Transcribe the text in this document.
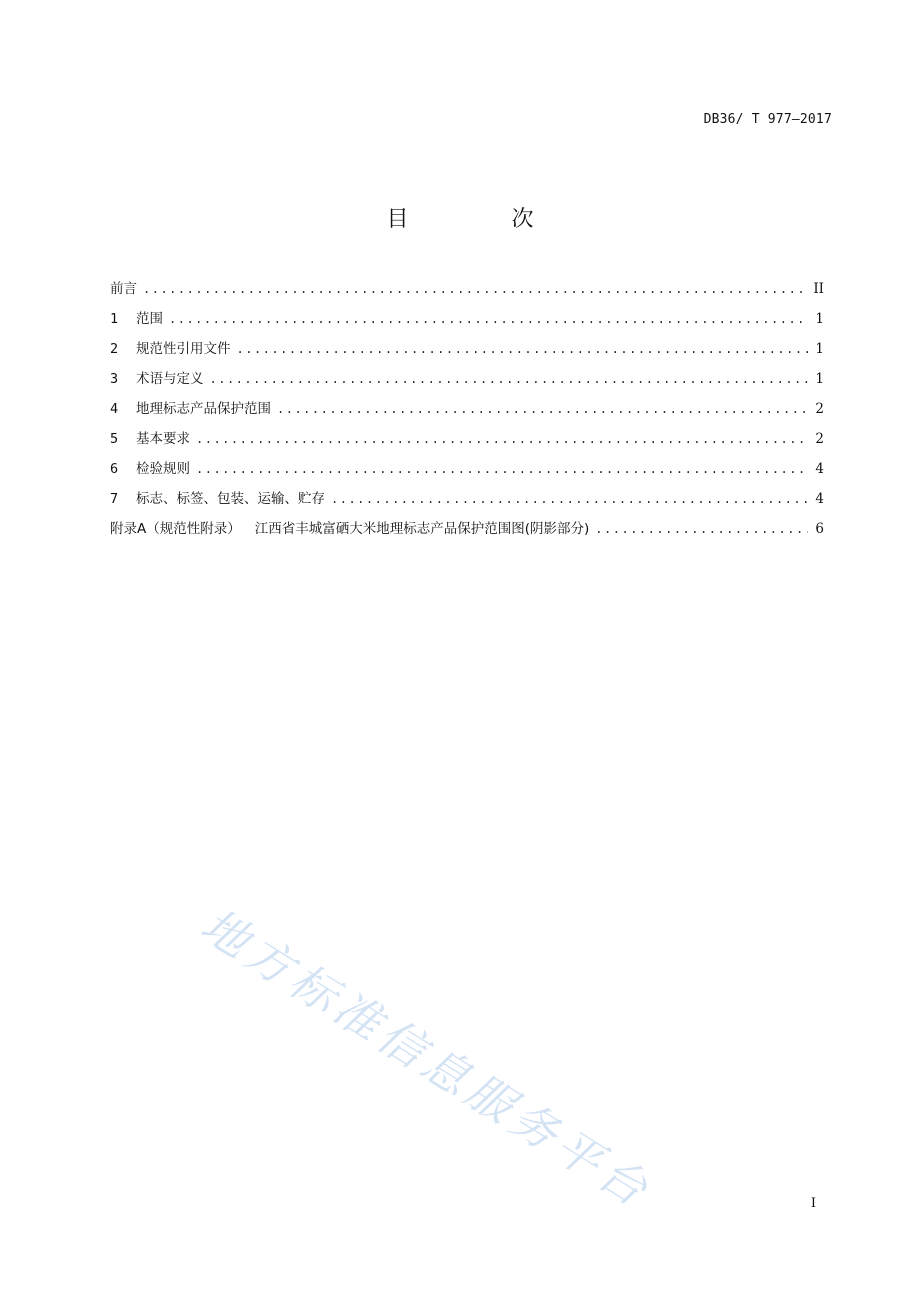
DB36/ T 977—2017
目 次
前言 .....	II
1	范围 .....	1
2	规范性引用文件 .....	1
3	术语与定义 .....	1
4	地理标志产品保护范围 .....	2
5	基本要求 .....	2
6	检验规则 .....	4
7	标志、标签、包装、运输、贮存 .....	4
附录A（规范性附录） 江西省丰城富硒大米地理标志产品保护范围图(阴影部分) .....	6
地方标准信息服务平台	I
